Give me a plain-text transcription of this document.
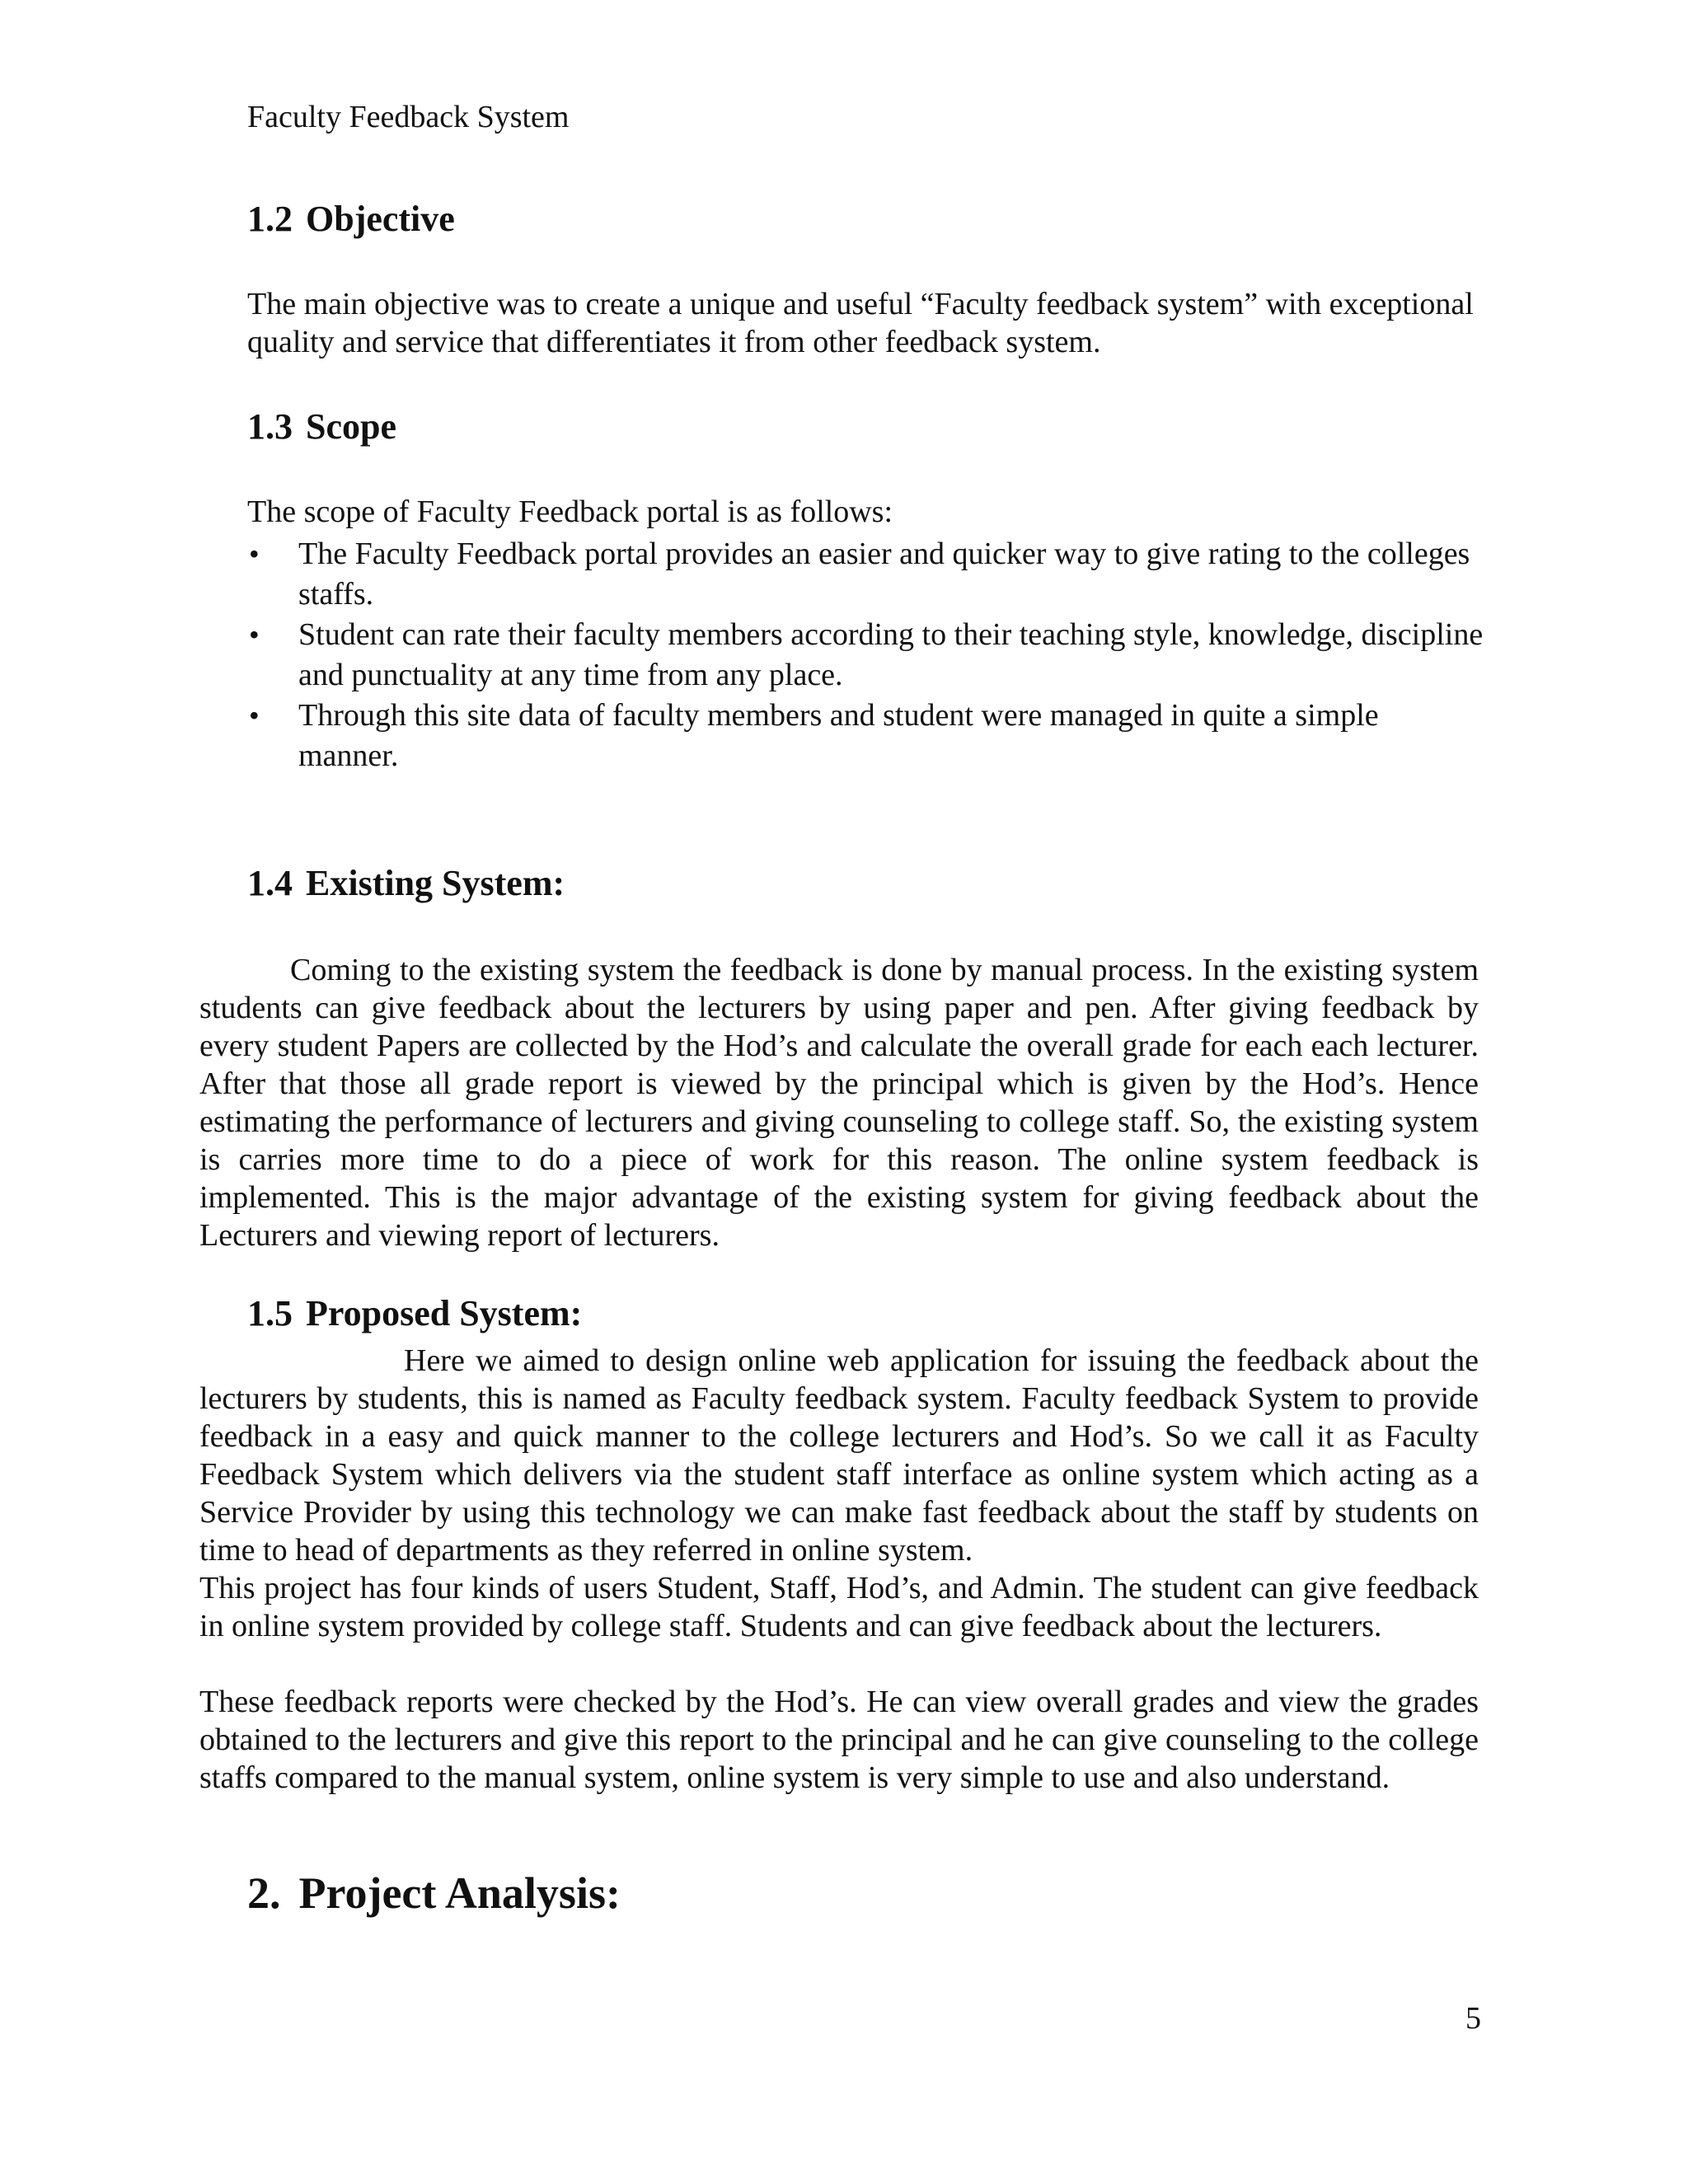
Faculty Feedback System

1.2 Objective

The main objective was to create a unique and useful “Faculty feedback system” with exceptional quality and service that differentiates it from other feedback system.

1.3 Scope

The scope of Faculty Feedback portal is as follows:

• The Faculty Feedback portal provides an easier and quicker way to give rating to the colleges staffs.
• Student can rate their faculty members according to their teaching style, knowledge, discipline and punctuality at any time from any place.
• Through this site data of faculty members and student were managed in quite a simple manner.
1.4 Existing System:

Coming to the existing system the feedback is done by manual process. In the existing system students can give feedback about the lecturers by using paper and pen. After giving feedback by every student Papers are collected by the Hod’s and calculate the overall grade for each each lecturer. After that those all grade report is viewed by the principal which is given by the Hod’s. Hence estimating the performance of lecturers and giving counseling to college staff. So, the existing system is carries more time to do a piece of work for this reason. The online system feedback is implemented. This is the major advantage of the existing system for giving feedback about the Lecturers and viewing report of lecturers.

1.5 Proposed System:

Here we aimed to design online web application for issuing the feedback about the lecturers by students, this is named as Faculty feedback system. Faculty feedback System to provide feedback in a easy and quick manner to the college lecturers and Hod’s. So we call it as Faculty Feedback System which delivers via the student staff interface as online system which acting as a Service Provider by using this technology we can make fast feedback about the staff by students on time to head of departments as they referred in online system.

This project has four kinds of users Student, Staff, Hod’s, and Admin. The student can give feedback in online system provided by college staff. Students and can give feedback about the lecturers.

These feedback reports were checked by the Hod’s. He can view overall grades and view the grades obtained to the lecturers and give this report to the principal and he can give counseling to the college staffs compared to the manual system, online system is very simple to use and also understand.

2. Project Analysis:

5
